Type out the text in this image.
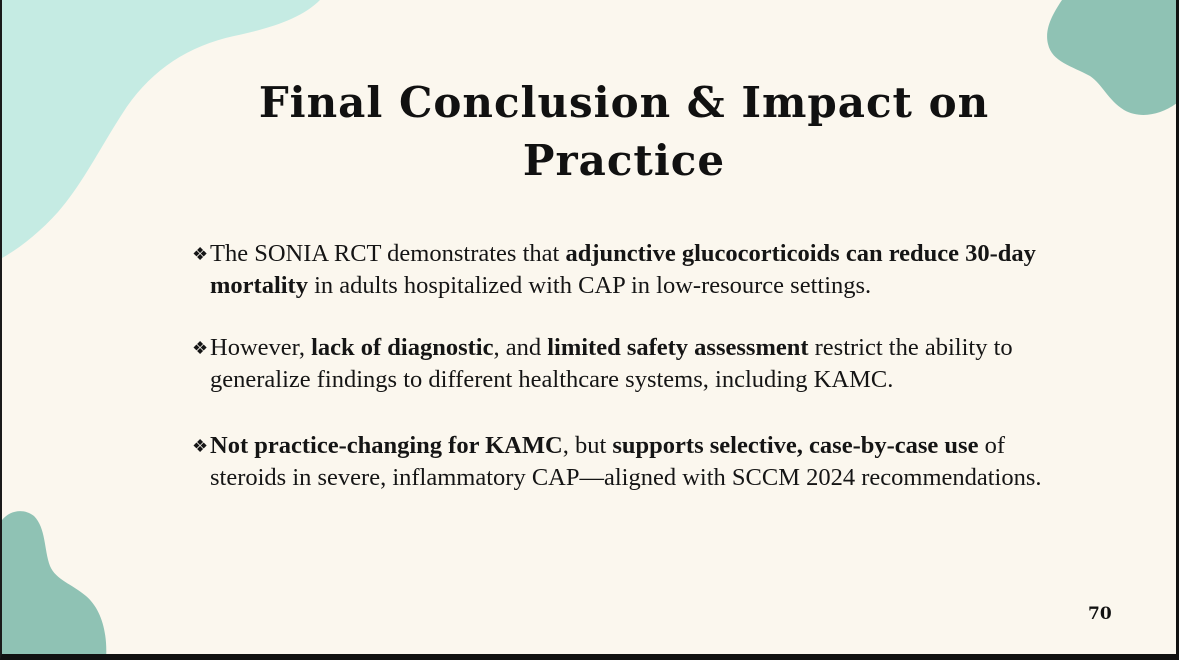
Final Conclusion & Impact on Practice
❖ The SONIA RCT demonstrates that adjunctive glucocorticoids can reduce 30-day mortality in adults hospitalized with CAP in low-resource settings.
❖ However, lack of diagnostic, and limited safety assessment restrict the ability to generalize findings to different healthcare systems, including KAMC.
❖ Not practice-changing for KAMC, but supports selective, case-by-case use of steroids in severe, inflammatory CAP—aligned with SCCM 2024 recommendations.
70
